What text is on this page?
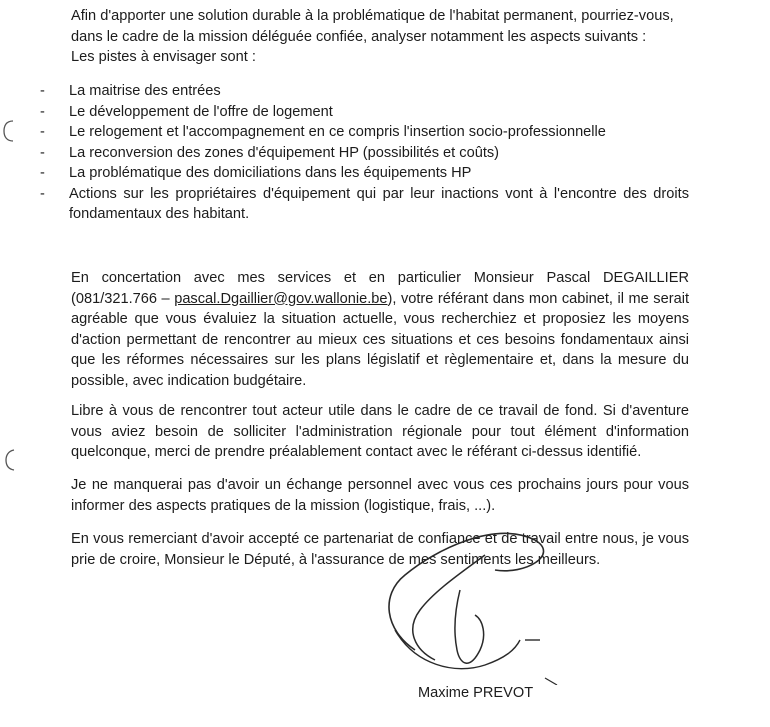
Afin d'apporter une solution durable à la problématique de l'habitat permanent, pourriez-vous,

dans le cadre de la mission déléguée confiée, analyser notamment les aspects suivants :

Les pistes à envisager sont :

-	La maitrise des entrées
-	Le développement de l'offre de logement
-	Le relogement et l'accompagnement en ce compris l'insertion socio-professionnelle
-	La reconversion des zones d'équipement HP (possibilités et coûts)
-	La problématique des domiciliations dans les équipements HP
-	Actions sur les propriétaires d'équipement qui par leur inactions vont à l'encontre des droits fondamentaux des habitant.

En concertation avec mes services et en particulier Monsieur Pascal DEGAILLIER (081/321.766 – pascal.Dgaillier@gov.wallonie.be), votre référant dans mon cabinet, il me serait agréable que vous évaluiez la situation actuelle, vous recherchiez et proposiez les moyens d'action permettant de rencontrer au mieux ces situations et ces besoins fondamentaux ainsi que les réformes nécessaires sur les plans législatif et règlementaire et, dans la mesure du possible, avec indication budgétaire.

Libre à vous de rencontrer tout acteur utile dans le cadre de ce travail de fond. Si d'aventure vous aviez besoin de solliciter l'administration régionale pour tout élément d'information quelconque, merci de prendre préalablement contact avec le référant ci-dessus identifié.

Je ne manquerai pas d'avoir un échange personnel avec vous ces prochains jours pour vous informer des aspects pratiques de la mission (logistique, frais, ...).

En vous remerciant d'avoir accepté ce partenariat de confiance et de travail entre nous, je vous prie de croire, Monsieur le Député, à l'assurance de mes sentiments les meilleurs.

Maxime PREVOT
